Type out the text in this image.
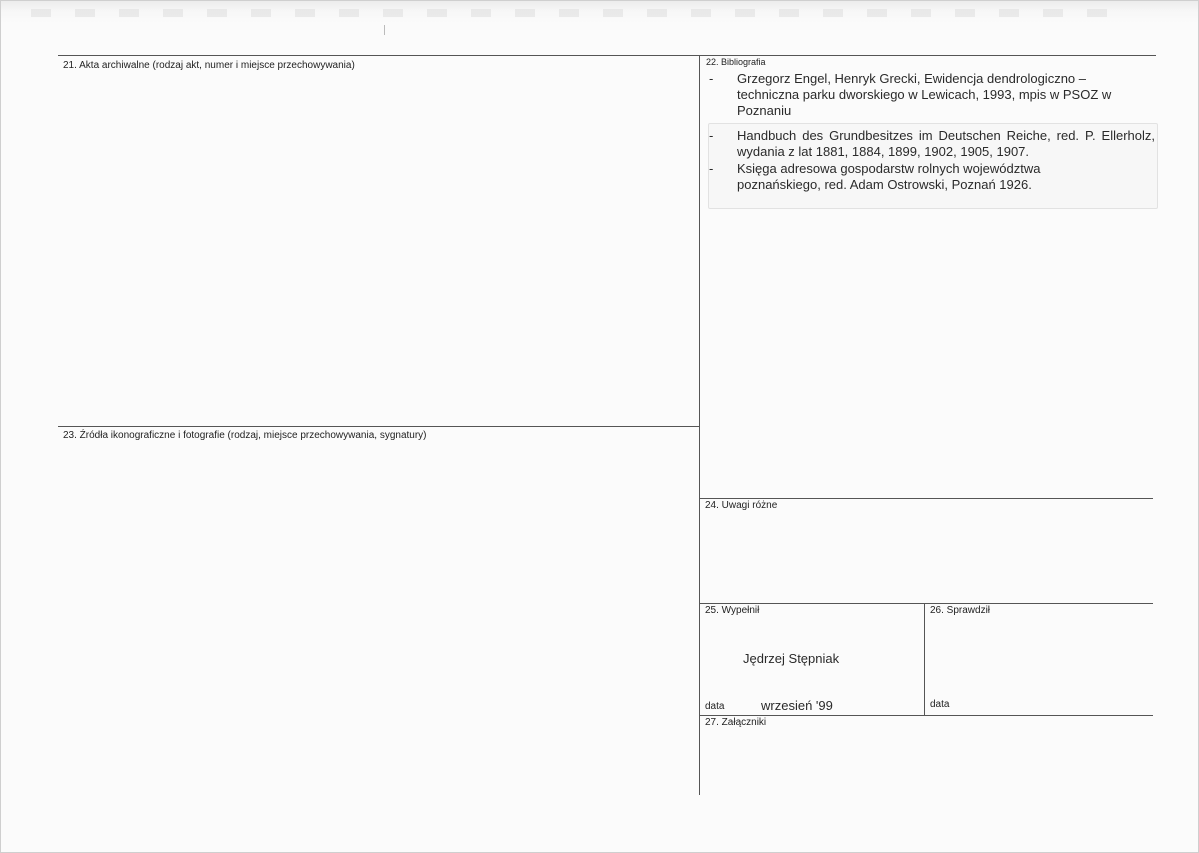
21. Akta archiwalne (rodzaj akt, numer i miejsce przechowywania)	22. Bibliografia
- Grzegorz Engel, Henryk Grecki, Ewidencja dendrologiczno – techniczna parku dworskiego w Lewicach, 1993, mpis w PSOZ w Poznaniu
- Handbuch des Grundbesitzes im Deutschen Reiche, red. P. Ellerholz, wydania z lat 1881, 1884, 1899, 1902, 1905, 1907.
- Księga adresowa gospodarstw rolnych województwa poznańskiego, red. Adam Ostrowski, Poznań 1926.
23. Źródła ikonograficzne i fotografie (rodzaj, miejsce przechowywania, sygnatury)
24. Uwagi różne
25. Wypełnił	26. Sprawdził
Jędrzej Stępniak
data	wrzesień '99	data
27. Załączniki
